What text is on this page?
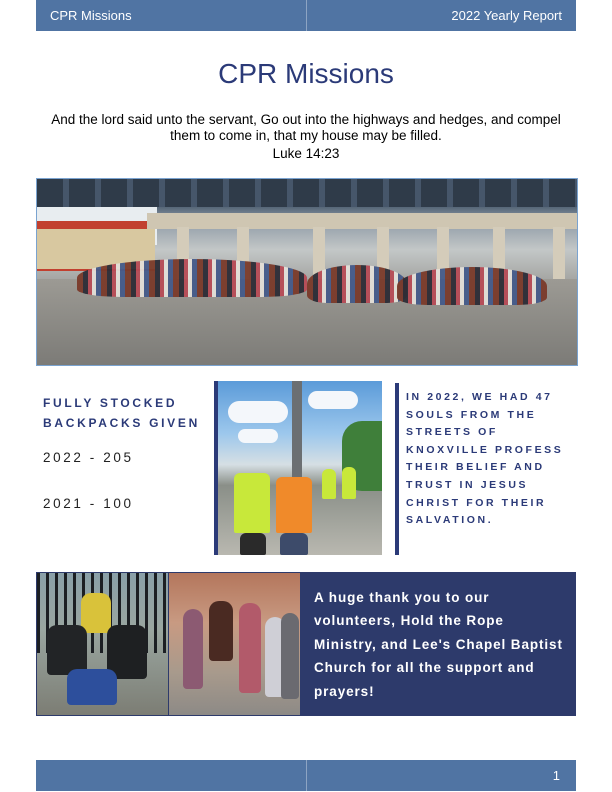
CPR Missions	2022 Yearly Report
CPR Missions
And the lord said unto the servant, Go out into the highways and hedges, and compel them to come in, that my house may be filled.
Luke 14:23
FULLY STOCKED BACKPACKS GIVEN
2022 - 205
2021 - 100
IN 2022, WE HAD 47 SOULS FROM THE STREETS OF KNOXVILLE PROFESS THEIR BELIEF AND TRUST IN JESUS CHRIST FOR THEIR SALVATION.
A huge thank you to our volunteers, Hold the Rope Ministry, and Lee's Chapel Baptist Church for all the support and prayers!
1
